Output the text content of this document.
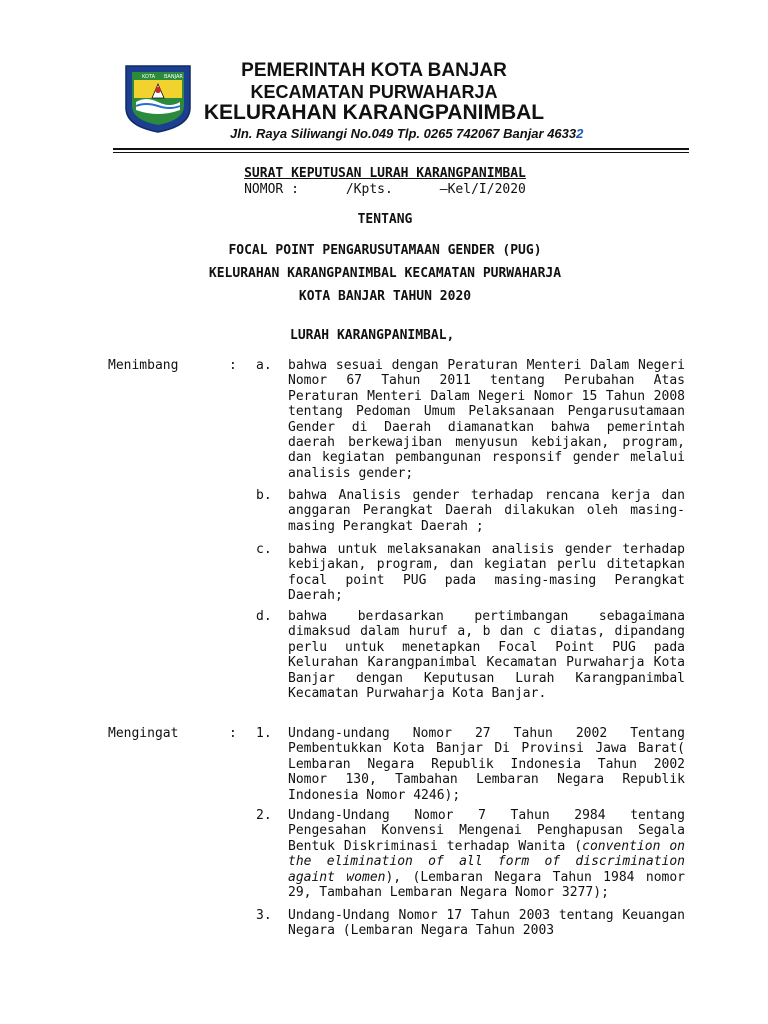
KOTA BANJAR	PEMERINTAH KOTA BANJAR
KECAMATAN PURWAHARJA
KELURAHAN KARANGPANIMBAL
Jln. Raya Siliwangi No.049 Tlp. 0265 742067 Banjar 46332
SURAT KEPUTUSAN LURAH KARANGPANIMBAL
NOMOR :      /Kpts.      –Kel/I/2020
TENTANG
FOCAL POINT PENGARUSUTAMAAN GENDER (PUG)
KELURAHAN KARANGPANIMBAL KECAMATAN PURWAHARJA
KOTA BANJAR TAHUN 2020
LURAH KARANGPANIMBAL,
Menimbang	: a. bahwa sesuai dengan Peraturan Menteri Dalam Negeri Nomor 67 Tahun 2011 tentang Perubahan Atas Peraturan Menteri Dalam Negeri Nomor 15 Tahun 2008 tentang Pedoman Umum Pelaksanaan Pengarusutamaan Gender di Daerah diamanatkan bahwa pemerintah daerah berkewajiban menyusun kebijakan, program, dan kegiatan pembangunan responsif gender melalui analisis gender;
b. bahwa Analisis gender terhadap rencana kerja dan anggaran Perangkat Daerah dilakukan oleh masing-masing Perangkat Daerah ;
c. bahwa untuk melaksanakan analisis gender terhadap kebijakan, program, dan kegiatan perlu ditetapkan focal point PUG pada masing-masing Perangkat Daerah;
d. bahwa berdasarkan pertimbangan sebagaimana dimaksud dalam huruf a, b dan c diatas, dipandang perlu untuk menetapkan Focal Point PUG pada Kelurahan Karangpanimbal Kecamatan Purwaharja Kota Banjar dengan Keputusan Lurah Karangpanimbal Kecamatan Purwaharja Kota Banjar.
Mengingat	: 1. Undang-undang Nomor 27 Tahun 2002 Tentang Pembentukkan Kota Banjar Di Provinsi Jawa Barat( Lembaran Negara Republik Indonesia Tahun 2002 Nomor 130, Tambahan Lembaran Negara Republik Indonesia Nomor 4246);
2. Undang-Undang Nomor 7 Tahun 2984 tentang Pengesahan Konvensi Mengenai Penghapusan Segala Bentuk Diskriminasi terhadap Wanita (convention on the elimination of all form of discrimination againt women), (Lembaran Negara Tahun 1984 nomor 29, Tambahan Lembaran Negara Nomor 3277);
3. Undang-Undang Nomor 17 Tahun 2003 tentang Keuangan Negara (Lembaran Negara Tahun 2003
